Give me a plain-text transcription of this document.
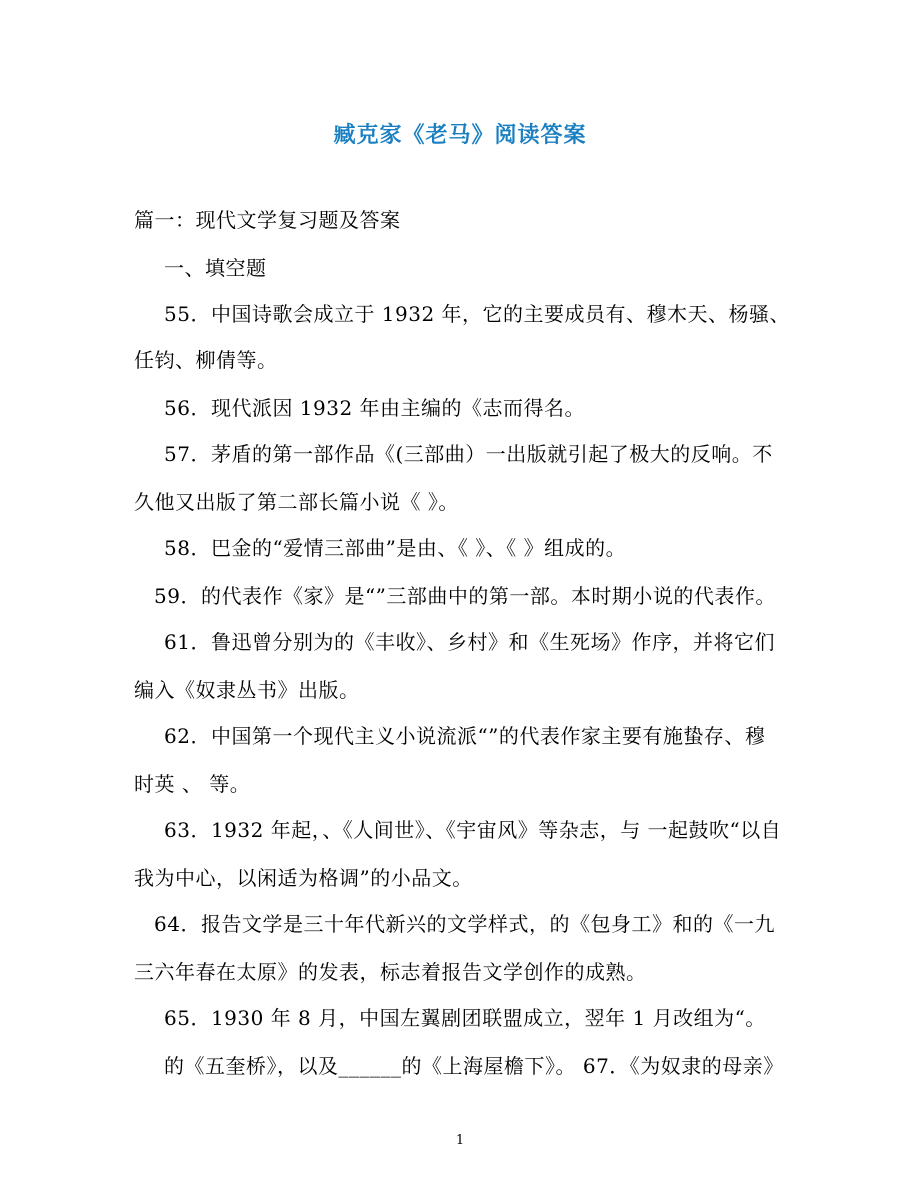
臧克家《老马》阅读答案
篇一：现代文学复习题及答案
一、填空题
55．中国诗歌会成立于 1932 年，它的主要成员有、穆木天、杨骚、
任钧、柳倩等。
56．现代派因 1932 年由主编的《志而得名。
57．茅盾的第一部作品《(三部曲）一出版就引起了极大的反响。不
久他又出版了第二部长篇小说《 》。
58．巴金的“爱情三部曲”是由、《 》、《 》组成的。
59．的代表作《家》是“”三部曲中的第一部。本时期小说的代表作。
61．鲁迅曾分别为的《丰收》、乡村》和《生死场》作序，并将它们
编入《奴隶丛书》出版。
62．中国第一个现代主义小说流派“”的代表作家主要有施蛰存、穆
时英 、 等。
63．1932 年起，、《人间世》、《宇宙风》等杂志，与 一起鼓吹“以自
我为中心，以闲适为格调”的小品文。
64．报告文学是三十年代新兴的文学样式，的《包身工》和的《一九
三六年春在太原》的发表，标志着报告文学创作的成熟。
65．1930 年 8 月，中国左翼剧团联盟成立，翌年 1 月改组为“。
的《五奎桥》，以及______的《上海屋檐下》。 67．《为奴隶的母亲》
1
